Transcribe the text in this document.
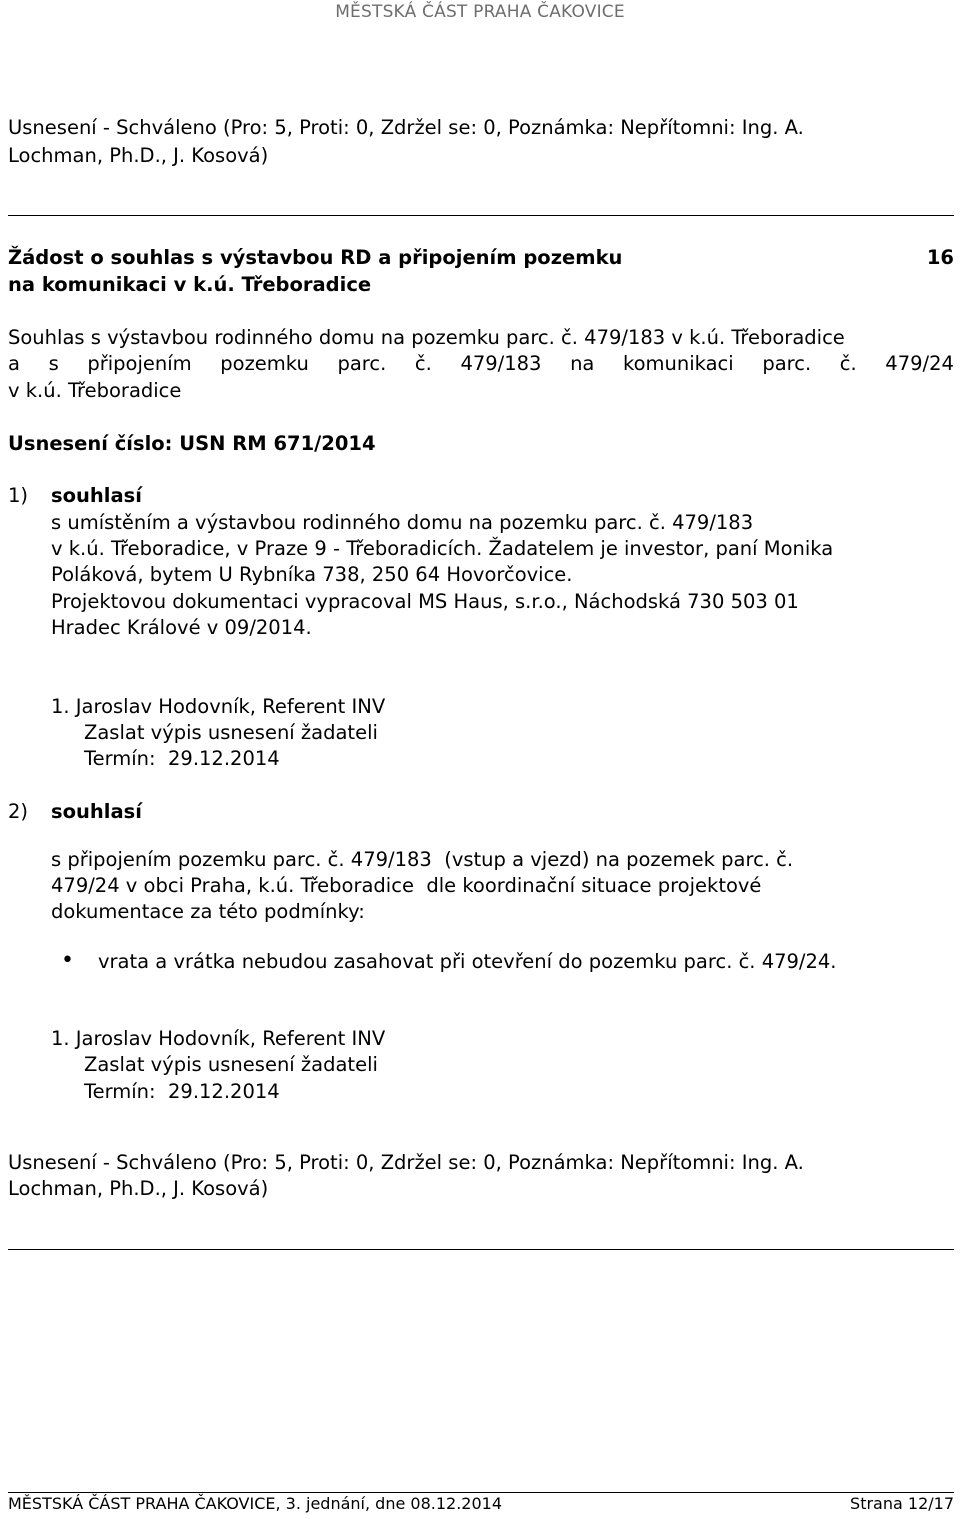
MĚSTSKÁ ČÁST PRAHA ČAKOVICE
Usnesení - Schváleno (Pro: 5, Proti: 0, Zdržel se: 0, Poznámka: Nepřítomni: Ing. A.
Lochman, Ph.D., J. Kosová)
Žádost o souhlas s výstavbou RD a připojením pozemku	16
na komunikaci v k.ú. Třeboradice
Souhlas s výstavbou rodinného domu na pozemku parc. č. 479/183 v k.ú. Třeboradice
a s připojením pozemku parc. č. 479/183 na komunikaci parc. č. 479/24
v k.ú. Třeboradice
Usnesení číslo: USN RM 671/2014
1) souhlasí
s umístěním a výstavbou rodinného domu na pozemku parc. č. 479/183
v k.ú. Třeboradice, v Praze 9 - Třeboradicích. Žadatelem je investor, paní Monika
Poláková, bytem U Rybníka 738, 250 64 Hovorčovice.
Projektovou dokumentaci vypracoval MS Haus, s.r.o., Náchodská 730 503 01
Hradec Králové v 09/2014.
1. Jaroslav Hodovník, Referent INV
Zaslat výpis usnesení žadateli
Termín:  29.12.2014
2) souhlasí
s připojením pozemku parc. č. 479/183  (vstup a vjezd) na pozemek parc. č.
479/24 v obci Praha, k.ú. Třeboradice  dle koordinační situace projektové
dokumentace za této podmínky:
• vrata a vrátka nebudou zasahovat při otevření do pozemku parc. č. 479/24.
1. Jaroslav Hodovník, Referent INV
Zaslat výpis usnesení žadateli
Termín:  29.12.2014
Usnesení - Schváleno (Pro: 5, Proti: 0, Zdržel se: 0, Poznámka: Nepřítomni: Ing. A.
Lochman, Ph.D., J. Kosová)
MĚSTSKÁ ČÁST PRAHA ČAKOVICE, 3. jednání, dne 08.12.2014	Strana 12/17
